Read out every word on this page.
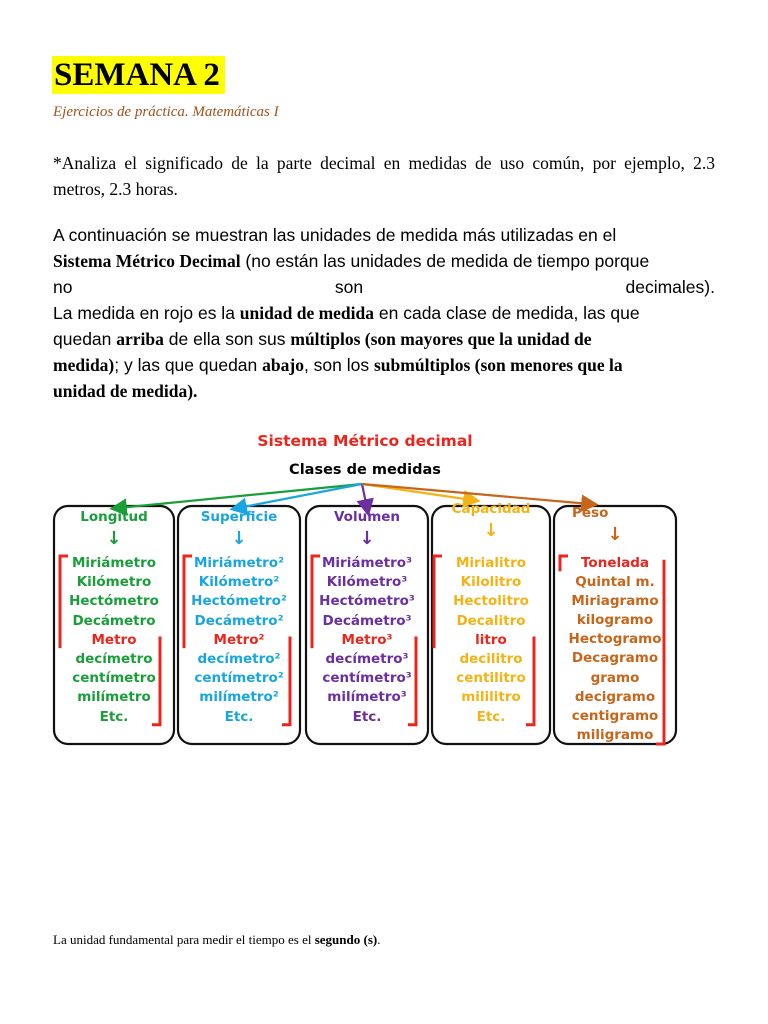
SEMANA 2
Ejercicios de práctica. Matemáticas I
*Analiza el significado de la parte decimal en medidas de uso común, por ejemplo, 2.3 metros, 2.3 horas.
A continuación se muestran las unidades de medida más utilizadas en el
Sistema Métrico Decimal (no están las unidades de medida de tiempo porque
no	son	decimales).
La medida en rojo es la unidad de medida en cada clase de medida, las que
quedan arriba de ella son sus múltiplos (son mayores que la unidad de
medida); y las que quedan abajo, son los submúltiplos (son menores que la
unidad de medida).
Sistema Métrico decimal
Clases de medidas
Longitud
↓
Miriámetro
Kilómetro
Hectómetro
Decámetro
Metro
decímetro
centímetro
milímetro
Etc.
Superficie
↓
Miriámetro²
Kilómetro²
Hectómetro²
Decámetro²
Metro²
decímetro²
centímetro²
milímetro²
Etc.
Volumen
↓
Miriámetro³
Kilómetro³
Hectómetro³
Decámetro³
Metro³
decímetro³
centímetro³
milímetro³
Etc.
Capacidad
↓
Mirialitro
Kilolitro
Hectolitro
Decalitro
litro
decilitro
centilitro
mililitro
Etc.
Peso
↓
Tonelada
Quintal m.
Miriagramo
kilogramo
Hectogramo
Decagramo
gramo
decigramo
centigramo
miligramo
La unidad fundamental para medir el tiempo es el segundo (s).
